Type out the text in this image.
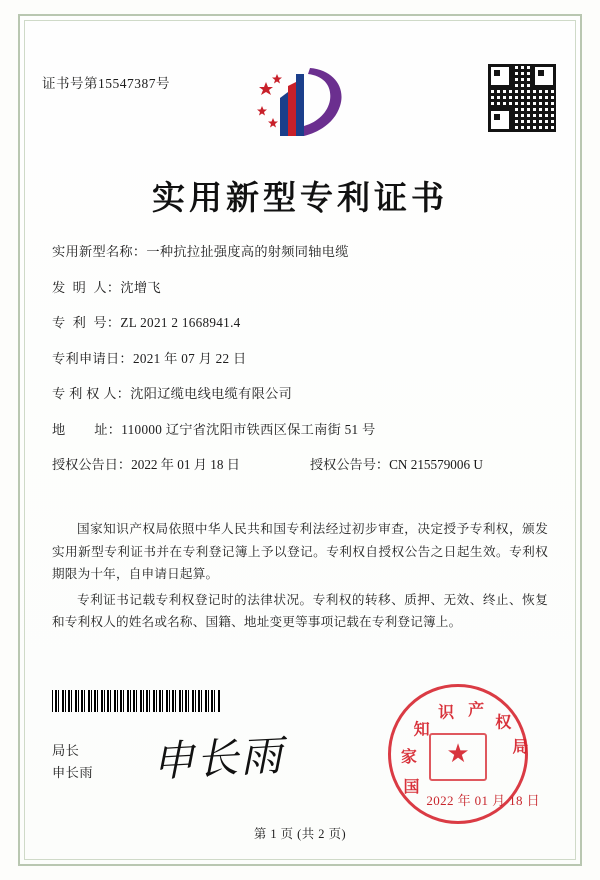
证书号第15547387号
实用新型专利证书
实用新型名称： 一种抗拉扯强度高的射频同轴电缆
发  明  人： 沈增飞
专  利  号： ZL 2021 2 1668941.4
专利申请日： 2021 年 07 月 22 日
专 利 权 人： 沈阳辽缆电线电缆有限公司
地        址： 110000 辽宁省沈阳市铁西区保工南街 51 号
授权公告日： 2022 年 01 月 18 日	授权公告号： CN 215579006 U

国家知识产权局依照中华人民共和国专利法经过初步审查，决定授予专利权，颁发实用新型专利证书并在专利登记簿上予以登记。专利权自授权公告之日起生效。专利权期限为十年，自申请日起算。

专利证书记载专利权登记时的法律状况。专利权的转移、质押、无效、终止、恢复和专利权人的姓名或名称、国籍、地址变更等事项记载在专利登记簿上。

★
国
家
知
识 产
权
局
2022 年 01 月 18 日
局长
申长雨 申长雨
第 1 页 (共 2 页)
